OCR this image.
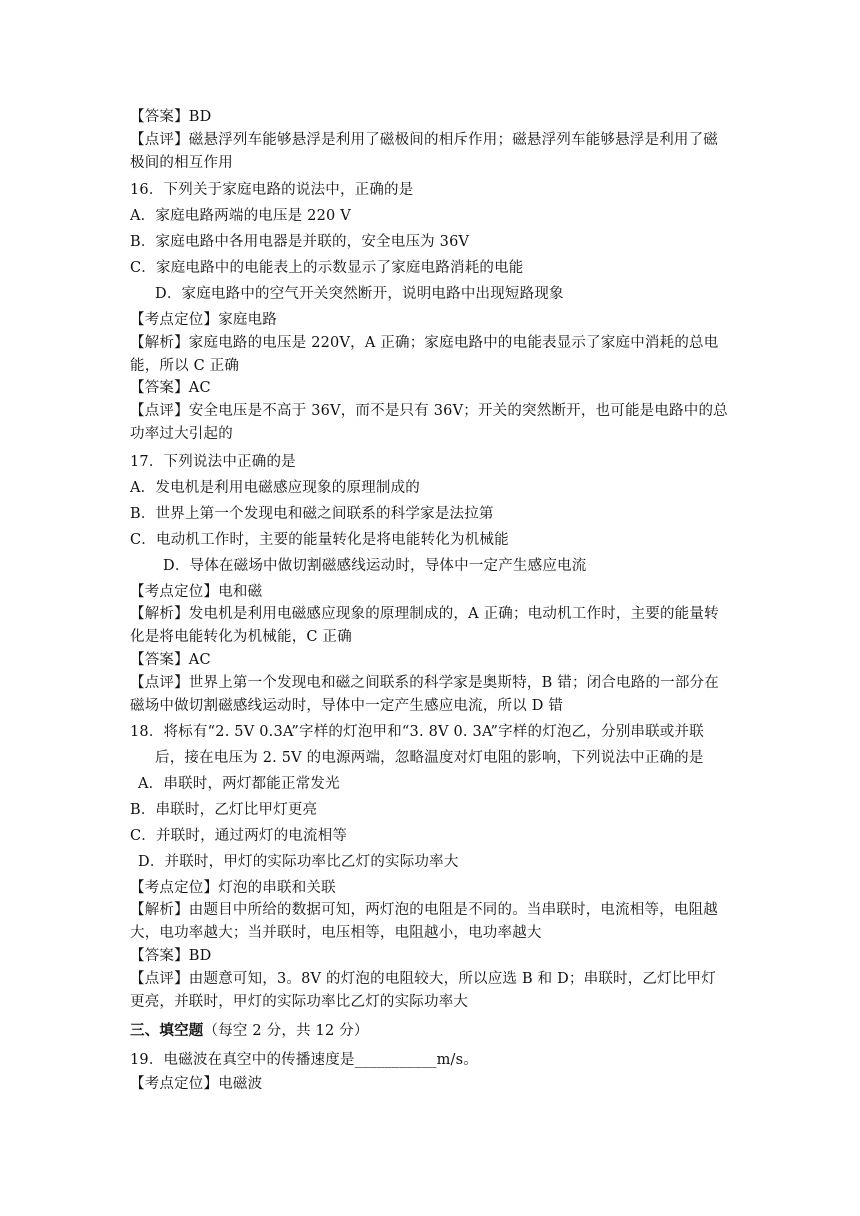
【答案】BD
【点评】磁悬浮列车能够悬浮是利用了磁极间的相斥作用；磁悬浮列车能够悬浮是利用了磁
极间的相互作用
16．下列关于家庭电路的说法中，正确的是
A．家庭电路两端的电压是 220 V
B．家庭电路中各用电器是并联的，安全电压为 36V
C．家庭电路中的电能表上的示数显示了家庭电路消耗的电能
D．家庭电路中的空气开关突然断开，说明电路中出现短路现象
【考点定位】家庭电路
【解析】家庭电路的电压是 220V，A 正确；家庭电路中的电能表显示了家庭中消耗的总电
能，所以 C 正确
【答案】AC
【点评】安全电压是不高于 36V，而不是只有 36V；开关的突然断开，也可能是电路中的总
功率过大引起的
17．下列说法中正确的是
A．发电机是利用电磁感应现象的原理制成的
B．世界上第一个发现电和磁之间联系的科学家是法拉第
C．电动机工作时，主要的能量转化是将电能转化为机械能
D．导体在磁场中做切割磁感线运动时，导体中一定产生感应电流
【考点定位】电和磁
【解析】发电机是利用电磁感应现象的原理制成的，A 正确；电动机工作时，主要的能量转
化是将电能转化为机械能，C 正确
【答案】AC
【点评】世界上第一个发现电和磁之间联系的科学家是奥斯特，B 错；闭合电路的一部分在
磁场中做切割磁感线运动时，导体中一定产生感应电流，所以 D 错
18．将标有“2. 5V 0.3A”字样的灯泡甲和“3. 8V 0. 3A”字样的灯泡乙，分别串联或并联
后，接在电压为 2. 5V 的电源两端，忽略温度对灯电阻的影响，下列说法中正确的是
A．串联时，两灯都能正常发光
B．串联时，乙灯比甲灯更亮
C．并联时，通过两灯的电流相等
D．并联时，甲灯的实际功率比乙灯的实际功率大
【考点定位】灯泡的串联和关联
【解析】由题目中所给的数据可知，两灯泡的电阻是不同的。当串联时，电流相等，电阻越
大，电功率越大；当并联时，电压相等，电阻越小，电功率越大
【答案】BD
【点评】由题意可知，3。8V 的灯泡的电阻较大，所以应选 B 和 D；串联时，乙灯比甲灯
更亮，并联时，甲灯的实际功率比乙灯的实际功率大
三、填空题（每空 2 分，共 12 分）
19．电磁波在真空中的传播速度是___________m/s。
【考点定位】电磁波
